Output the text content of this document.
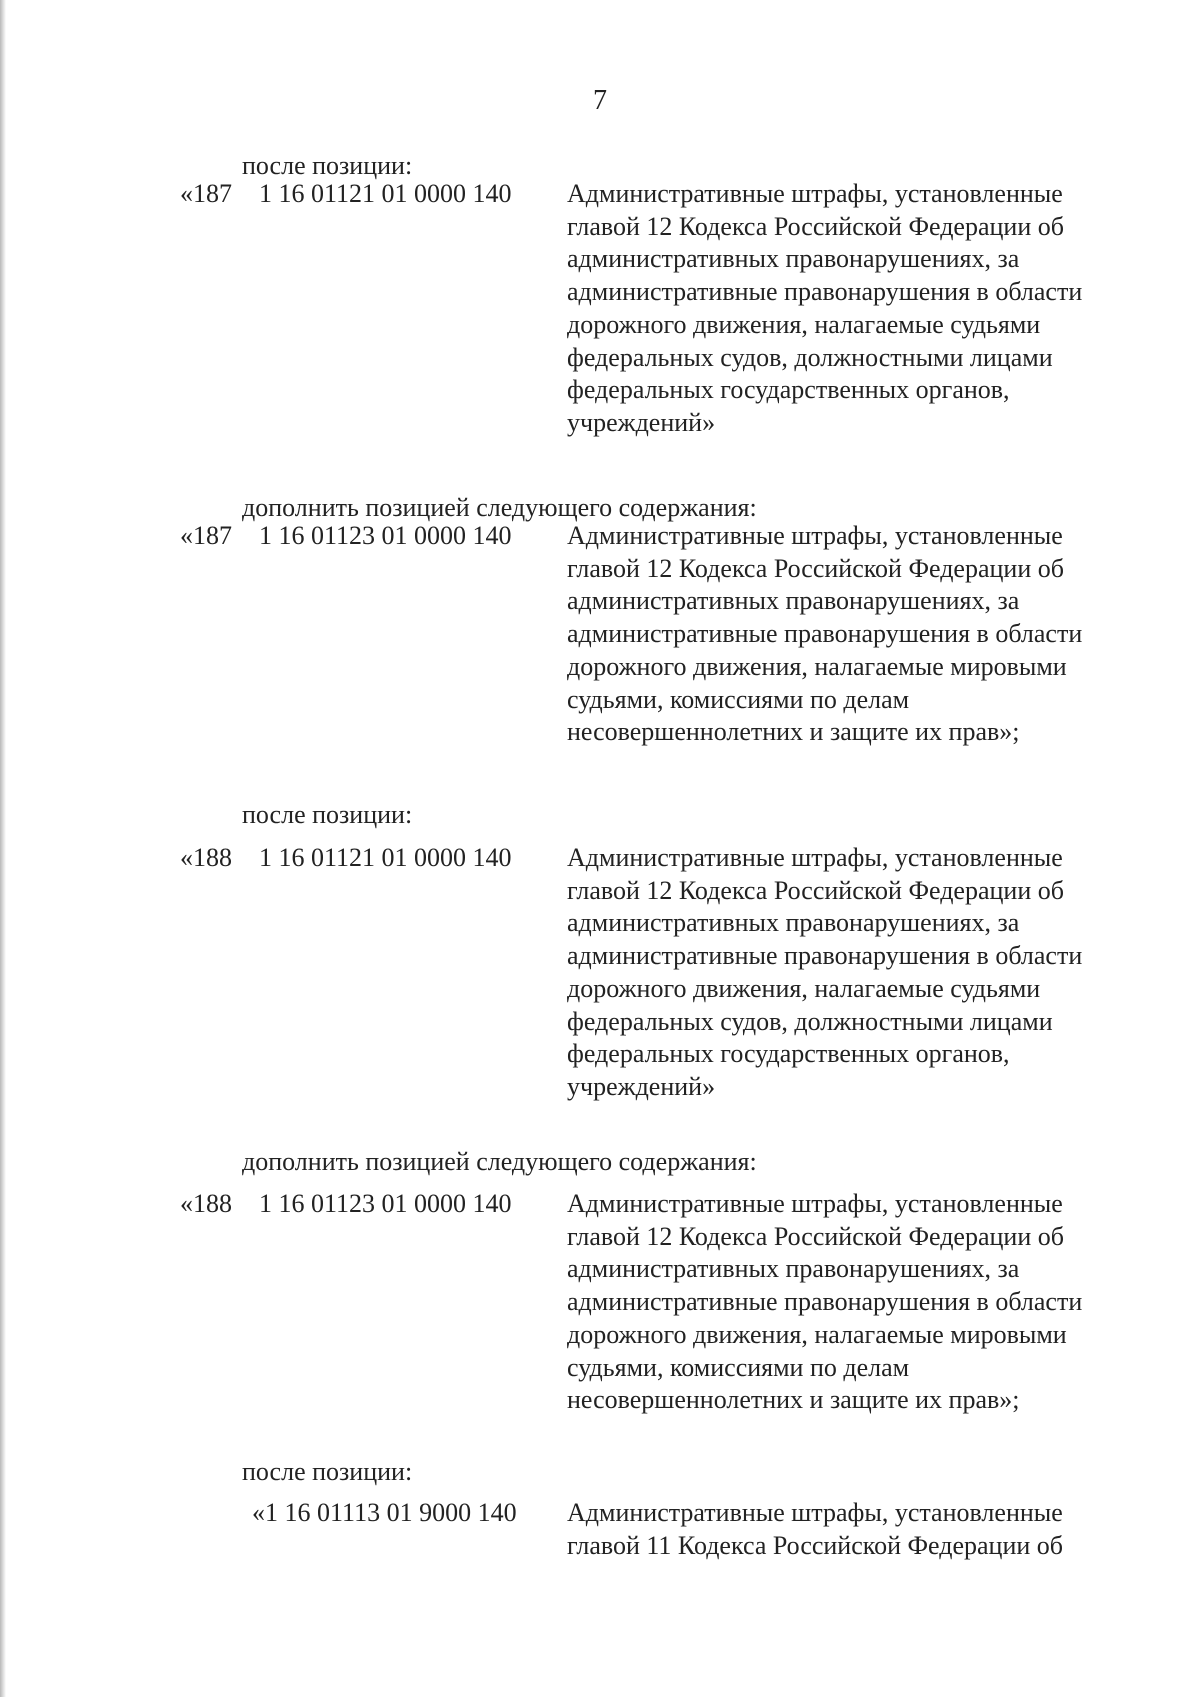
7
после позиции:
«187 1 16 01121 01 0000 140 Административные штрафы, установленные
главой 12 Кодекса Российской Федерации об
административных правонарушениях, за
административные правонарушения в области
дорожного движения, налагаемые судьями
федеральных судов, должностными лицами
федеральных государственных органов,
учреждений»
дополнить позицией следующего содержания:
«187 1 16 01123 01 0000 140 Административные штрафы, установленные
главой 12 Кодекса Российской Федерации об
административных правонарушениях, за
административные правонарушения в области
дорожного движения, налагаемые мировыми
судьями, комиссиями по делам
несовершеннолетних и защите их прав»;
после позиции:
«188 1 16 01121 01 0000 140 Административные штрафы, установленные
главой 12 Кодекса Российской Федерации об
административных правонарушениях, за
административные правонарушения в области
дорожного движения, налагаемые судьями
федеральных судов, должностными лицами
федеральных государственных органов,
учреждений»
дополнить позицией следующего содержания:
«188 1 16 01123 01 0000 140 Административные штрафы, установленные
главой 12 Кодекса Российской Федерации об
административных правонарушениях, за
административные правонарушения в области
дорожного движения, налагаемые мировыми
судьями, комиссиями по делам
несовершеннолетних и защите их прав»;
после позиции:
«1 16 01113 01 9000 140 Административные штрафы, установленные
главой 11 Кодекса Российской Федерации об
